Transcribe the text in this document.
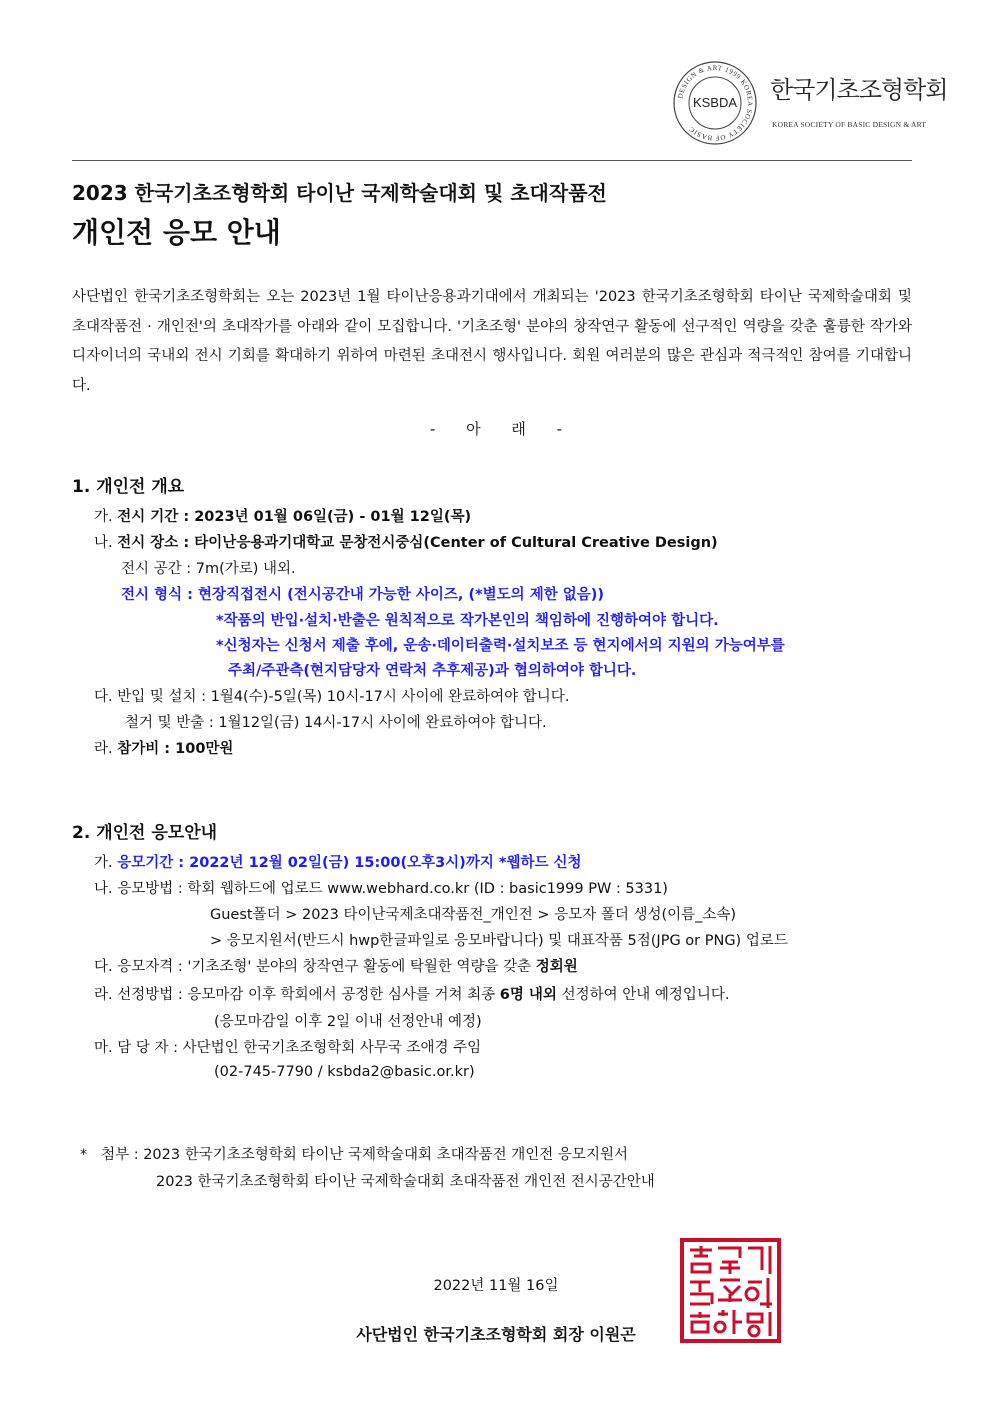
DESIGN & ART 1999 KOREA SOCIETY OF BASIC
KSBDA 한국기초조형학회
KOREA SOCIETY OF BASIC DESIGN & ART
2023 한국기초조형학회 타이난 국제학술대회 및 초대작품전
개인전 응모 안내

사단법인 한국기초조형학회는 오는 2023년 1월 타이난응용과기대에서 개최되는 '2023 한국기초조형학회 타이난 국제학술대회 및 초대작품전 · 개인전'의 초대작가를 아래와 같이 모집합니다. '기초조형' 분야의 창작연구 활동에 선구적인 역량을 갖춘 훌륭한 작가와 디자이너의 국내외 전시 기회를 확대하기 위하여 마련된 초대전시 행사입니다. 회원 여러분의 많은 관심과 적극적인 참여를 기대합니다.

- 아 래 -
1. 개인전 개요
가. 전시 기간 : 2023년 01월 06일(금) - 01월 12일(목)
나. 전시 장소 : 타이난응용과기대학교 문창전시중심(Center of Cultural Creative Design)
전시 공간 : 7m(가로) 내외.
전시 형식 : 현장직접전시 (전시공간내 가능한 사이즈, (*별도의 제한 없음))
*작품의 반입·설치·반출은 원칙적으로 작가본인의 책임하에 진행하여야 합니다.
*신청자는 신청서 제출 후에, 운송·데이터출력·설치보조 등 현지에서의 지원의 가능여부를
주최/주관측(현지담당자 연락처 추후제공)과 협의하여야 합니다.
다. 반입 및 설치 : 1월4(수)-5일(목) 10시-17시 사이에 완료하여야 합니다.
철거 및 반출 : 1월12일(금) 14시-17시 사이에 완료하여야 합니다.
라. 참가비 : 100만원
2. 개인전 응모안내
가. 응모기간 : 2022년 12월 02일(금) 15:00(오후3시)까지 *웹하드 신청
나. 응모방법 : 학회 웹하드에 업로드 www.webhard.co.kr (ID : basic1999 PW : 5331)
Guest폴더 > 2023 타이난국제초대작품전_개인전 > 응모자 폴더 생성(이름_소속)
> 응모지원서(반드시 hwp한글파일로 응모바랍니다) 및 대표작품 5점(JPG or PNG) 업로드
다. 응모자격 : '기초조형' 분야의 창작연구 활동에 탁월한 역량을 갖춘 정회원
라. 선정방법 : 응모마감 이후 학회에서 공정한 심사를 거쳐 최종 6명 내외 선정하여 안내 예정입니다.
(응모마감일 이후 2일 이내 선정안내 예정)
마. 담 당 자 : 사단법인 한국기초조형학회 사무국 조애경 주임
(02-745-7790 / ksbda2@basic.or.kr)
*   첨부 : 2023 한국기초조형학회 타이난 국제학술대회 초대작품전 개인전 응모지원서
2023 한국기초조형학회 타이난 국제학술대회 초대작품전 개인전 전시공간안내
2022년 11월 16일
사단법인 한국기초조형학회 회장 이원곤
